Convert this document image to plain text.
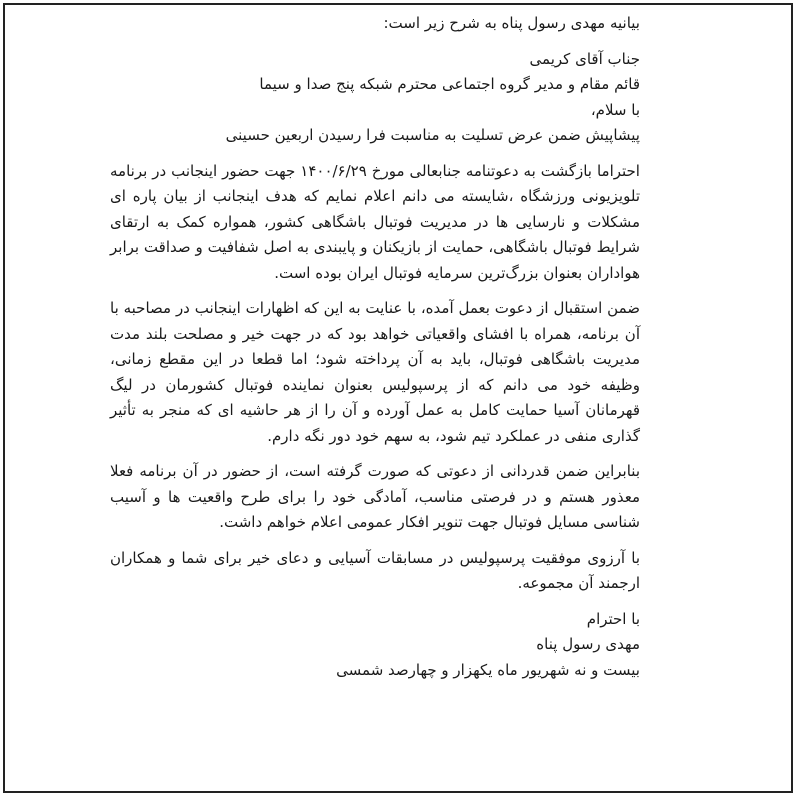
بیانیه مهدی رسول پناه به شرح زیر است:

جناب آقای کریمی

قائم مقام و مدیر گروه اجتماعی محترم شبکه پنج صدا و سیما

با سلام،

پیشاپیش ضمن عرض تسلیت به مناسبت فرا رسیدن اربعین حسینی

احتراما بازگشت به دعوتنامه جنابعالی مورخ ۱۴۰۰/۶/۲۹ جهت حضور اینجانب در برنامه تلویزیونی ورزشگاه ،شایسته می دانم اعلام نمایم که هدف اینجانب از بیان پاره ای مشکلات و نارسایی ها در مدیریت فوتبال باشگاهی کشور، همواره کمک به ارتقای شرایط فوتبال باشگاهی، حمایت از بازیکنان و پایبندی به اصل شفافیت و صداقت برابر هواداران بعنوان بزرگ‌ترین سرمایه فوتبال ایران بوده است.

ضمن استقبال از دعوت بعمل آمده، با عنایت به این که اظهارات اینجانب در مصاحبه با آن برنامه، همراه با افشای واقعیاتی خواهد بود که در جهت خیر و مصلحت بلند مدت مدیریت باشگاهی فوتبال، باید به آن پرداخته شود؛ اما قطعا در این مقطع زمانی، وظیفه خود می دانم که از پرسپولیس بعنوان نماینده فوتبال کشورمان در لیگ قهرمانان آسیا حمایت کامل به عمل آورده و آن را از هر حاشیه ای که منجر به تأثیر گذاری منفی در عملکرد تیم شود، به سهم خود دور نگه دارم.

بنابراین ضمن قدردانی از دعوتی که صورت گرفته است، از حضور در آن برنامه فعلا معذور هستم و در فرصتی مناسب، آمادگی خود را برای طرح واقعیت ها و آسیب شناسی مسایل فوتبال جهت تنویر افکار عمومی اعلام خواهم داشت.

با آرزوی موفقیت پرسپولیس در مسابقات آسیایی و دعای خیر برای شما و همکاران ارجمند آن مجموعه.

با احترام
مهدی رسول پناه
بیست و نه شهریور ماه یکهزار و چهارصد شمسی
